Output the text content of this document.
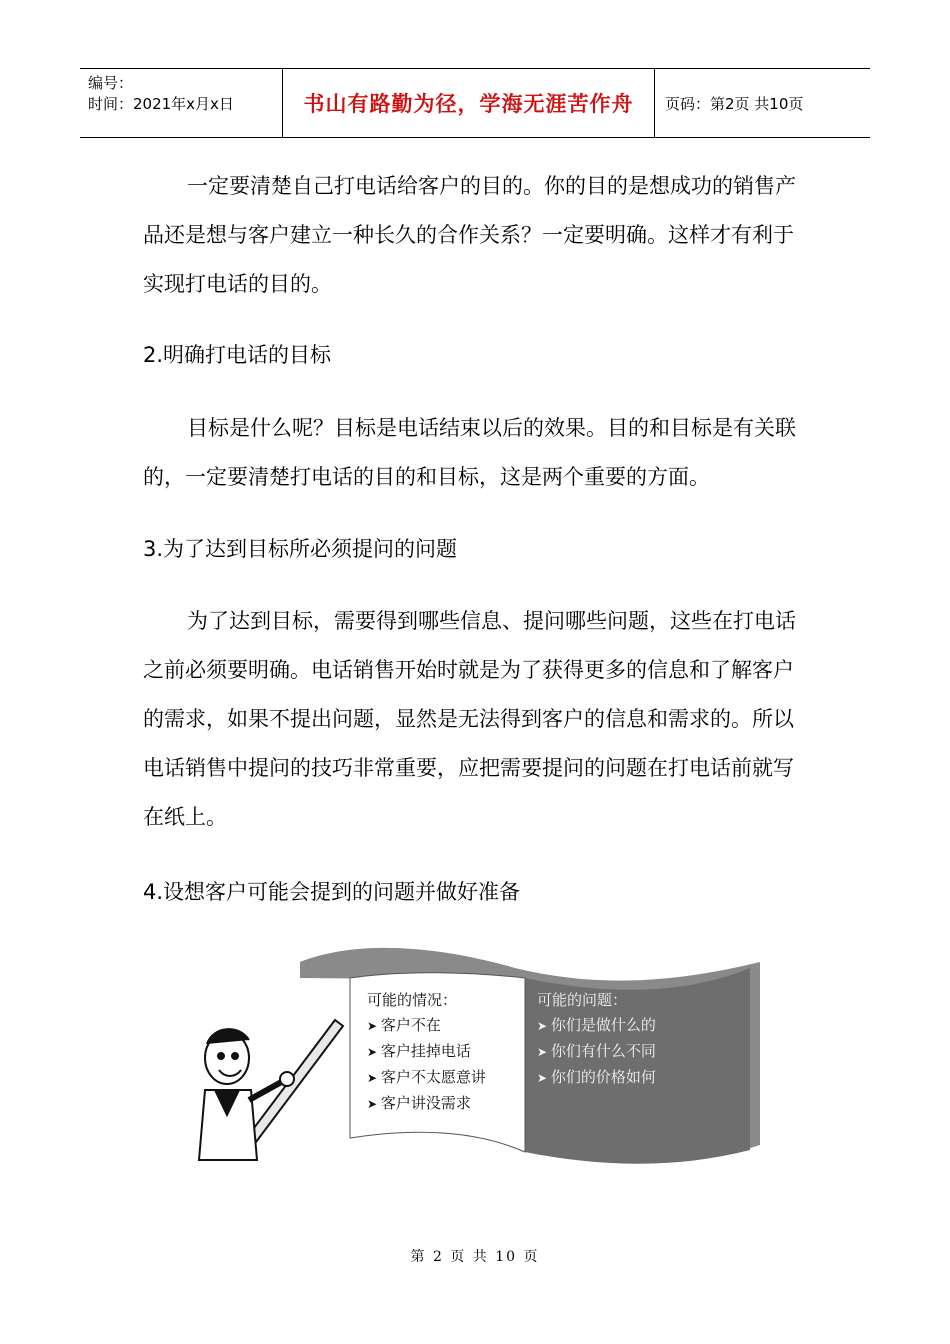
编号：
时间：2021年x月x日	书山有路勤为径，学海无涯苦作舟 页码：第2页 共10页
一定要清楚自己打电话给客户的目的。你的目的是想成功的销售产品还是想与客户建立一种长久的合作关系？一定要明确。这样才有利于实现打电话的目的。
2.明确打电话的目标
目标是什么呢？目标是电话结束以后的效果。目的和目标是有关联的，一定要清楚打电话的目的和目标，这是两个重要的方面。
3.为了达到目标所必须提问的问题
为了达到目标，需要得到哪些信息、提问哪些问题，这些在打电话之前必须要明确。电话销售开始时就是为了获得更多的信息和了解客户的需求，如果不提出问题，显然是无法得到客户的信息和需求的。所以电话销售中提问的技巧非常重要，应把需要提问的问题在打电话前就写在纸上。
4.设想客户可能会提到的问题并做好准备
可能的情况：
➤ 客户不在
➤ 客户挂掉电话
➤ 客户不太愿意讲
➤ 客户讲没需求
可能的问题：
➤ 你们是做什么的
➤ 你们有什么不同
➤ 你们的价格如何
第 2 页 共 10 页
